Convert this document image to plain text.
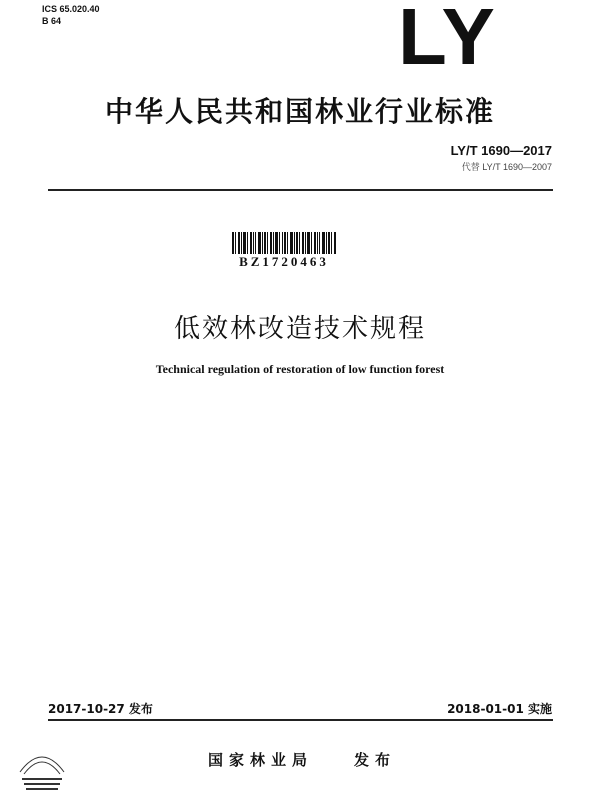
ICS 65.020.40
B 64	LY
中华人民共和国林业行业标准
LY/T 1690—2017
代替 LY/T 1690—2007
BZ1720463
低效林改造技术规程
Technical regulation of restoration of low function forest
2017-10-27 发布	2018-01-01 实施
国家林业局	发布
